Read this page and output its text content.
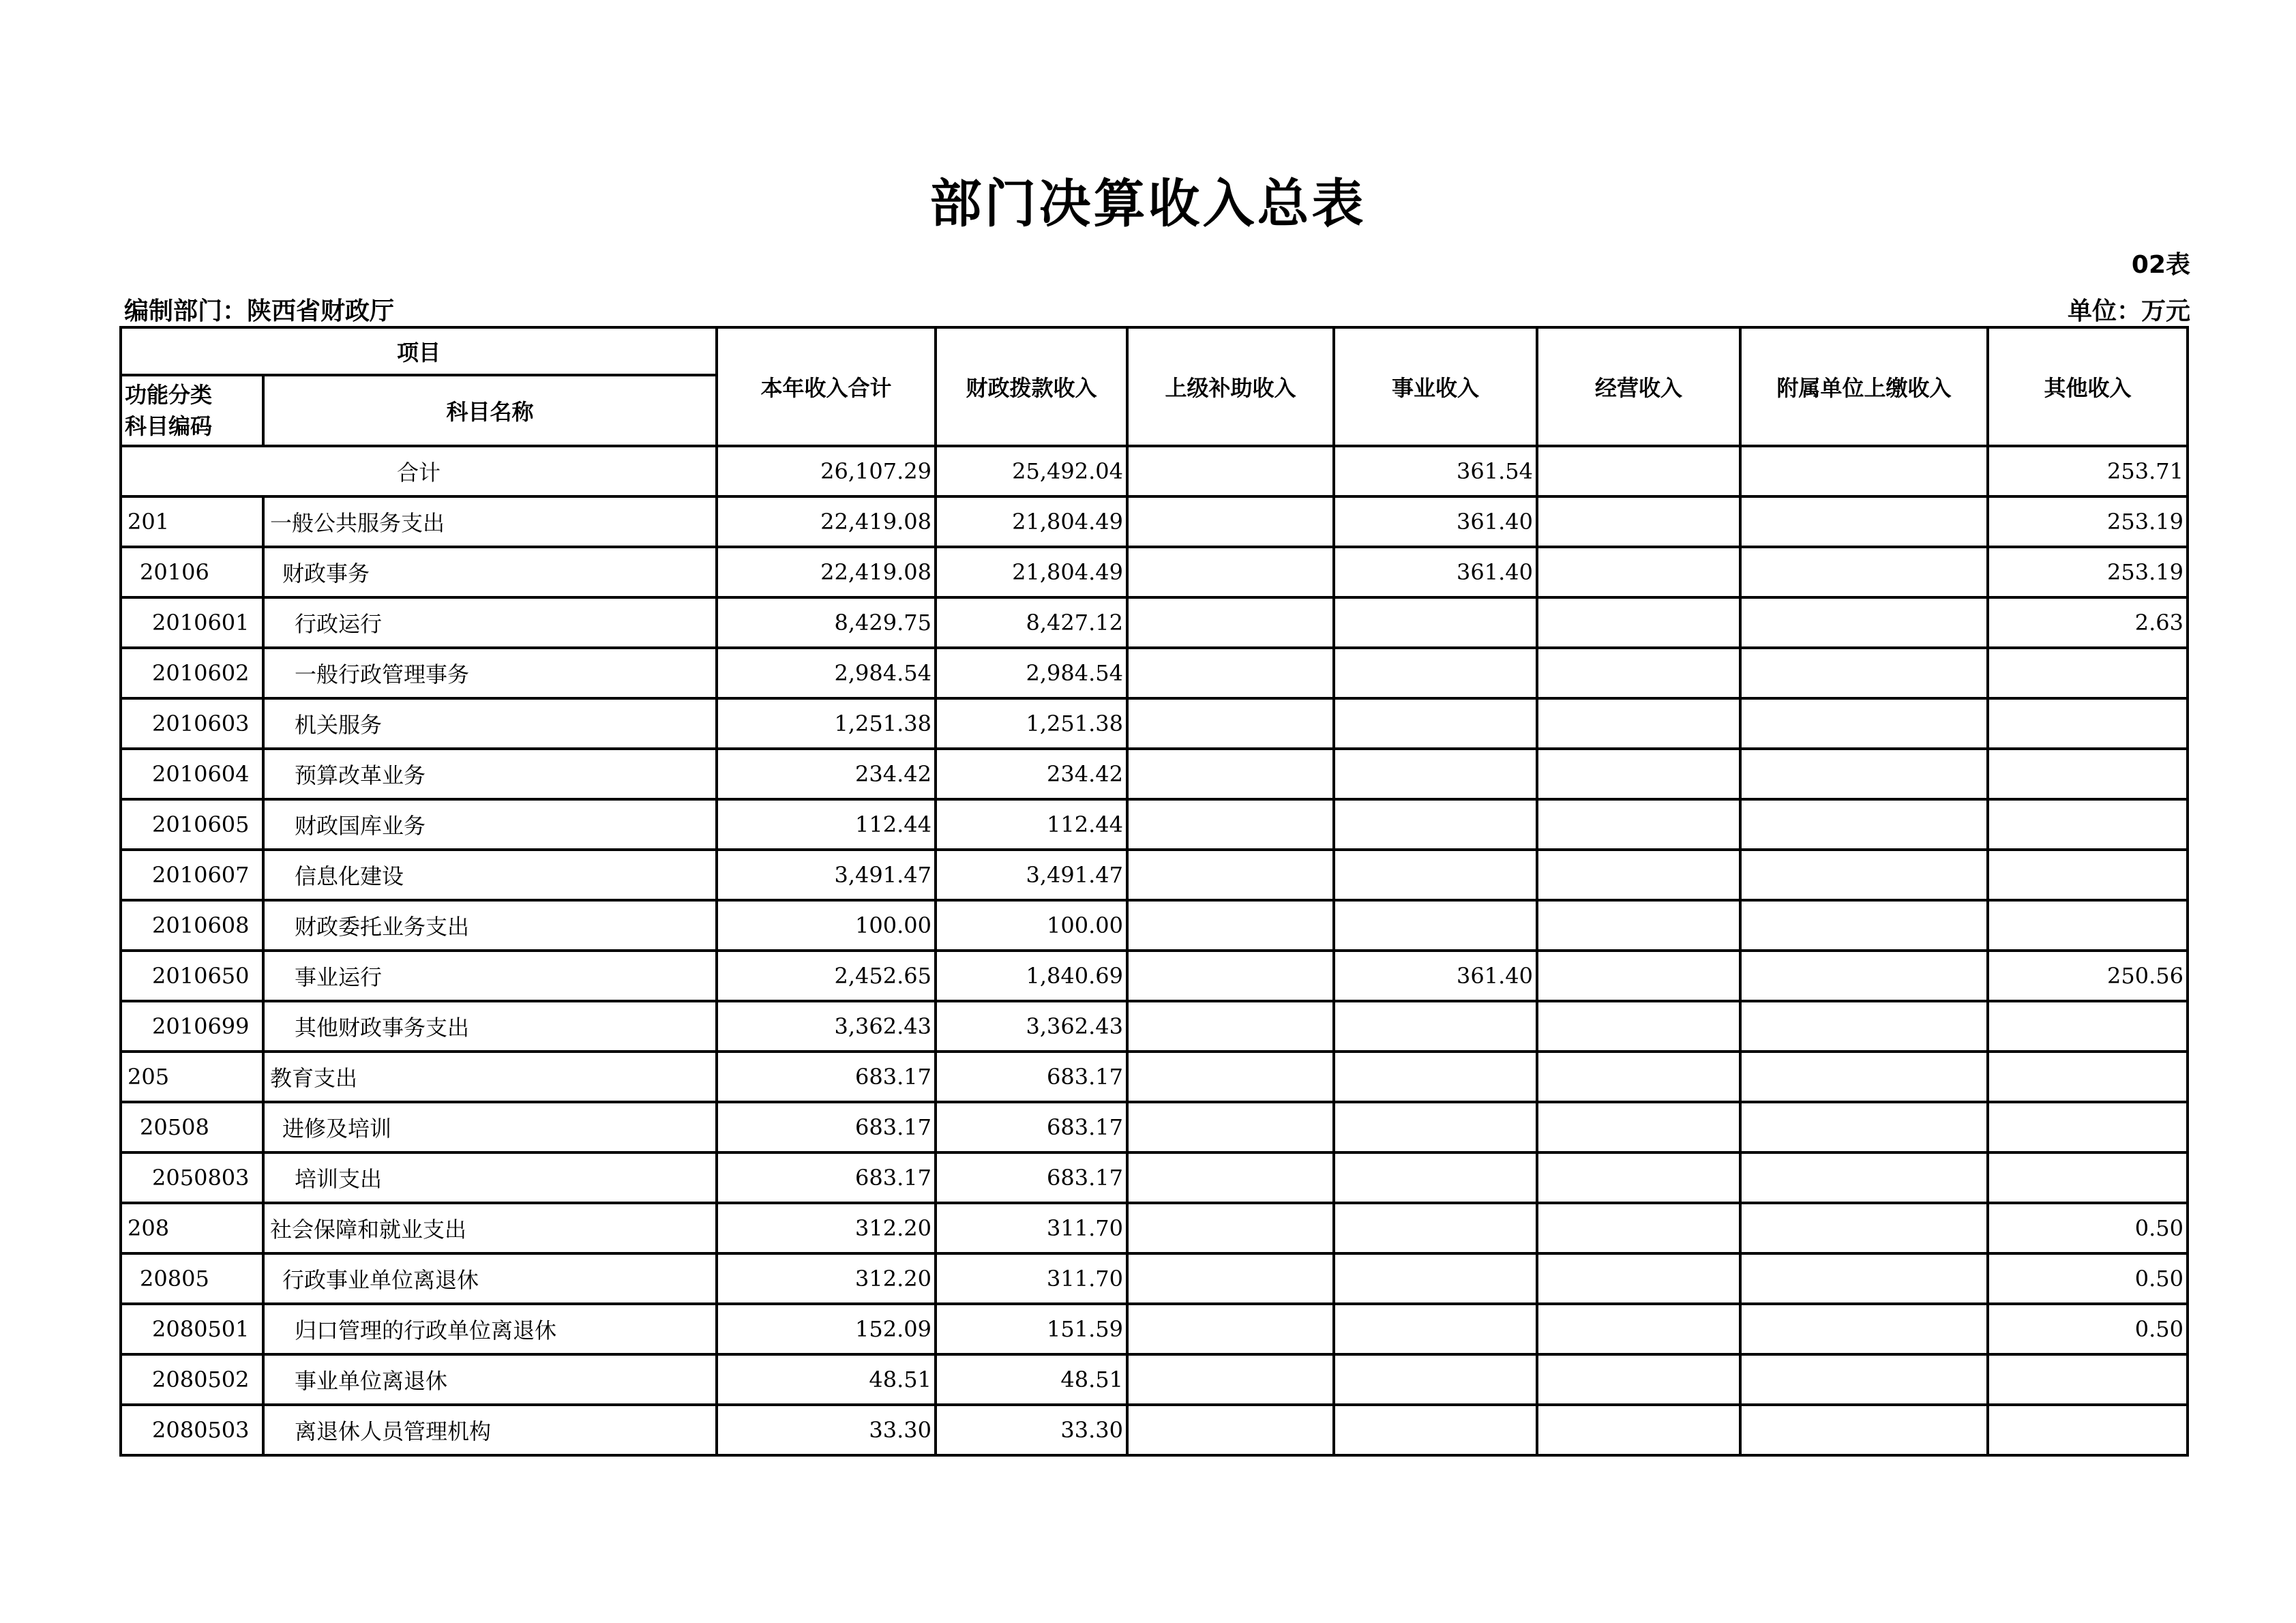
部门决算收入总表
02表
编制部门：陕西省财政厅	单位：万元
项目		本年收入合计	财政拨款收入	上级补助收入	事业收入	经营收入	附属单位上缴收入	其他收入

功能分类
科目编码	科目名称							
合计		26,107.29	25,492.04		361.54			253.71
201	一般公共服务支出	22,419.08	21,804.49		361.40			253.19
20106	财政事务	22,419.08	21,804.49		361.40			253.19
2010601	行政运行	8,429.75	8,427.12					2.63
2010602	一般行政管理事务	2,984.54	2,984.54					
2010603	机关服务	1,251.38	1,251.38					
2010604	预算改革业务	234.42	234.42					
2010605	财政国库业务	112.44	112.44					
2010607	信息化建设	3,491.47	3,491.47					
2010608	财政委托业务支出	100.00	100.00					
2010650	事业运行	2,452.65	1,840.69		361.40			250.56
2010699	其他财政事务支出	3,362.43	3,362.43					
205	教育支出	683.17	683.17					
20508	进修及培训	683.17	683.17					
2050803	培训支出	683.17	683.17					
208	社会保障和就业支出	312.20	311.70					0.50
20805	行政事业单位离退休	312.20	311.70					0.50
2080501	归口管理的行政单位离退休	152.09	151.59					0.50
2080502	事业单位离退休	48.51	48.51					
2080503	离退休人员管理机构	33.30	33.30					
